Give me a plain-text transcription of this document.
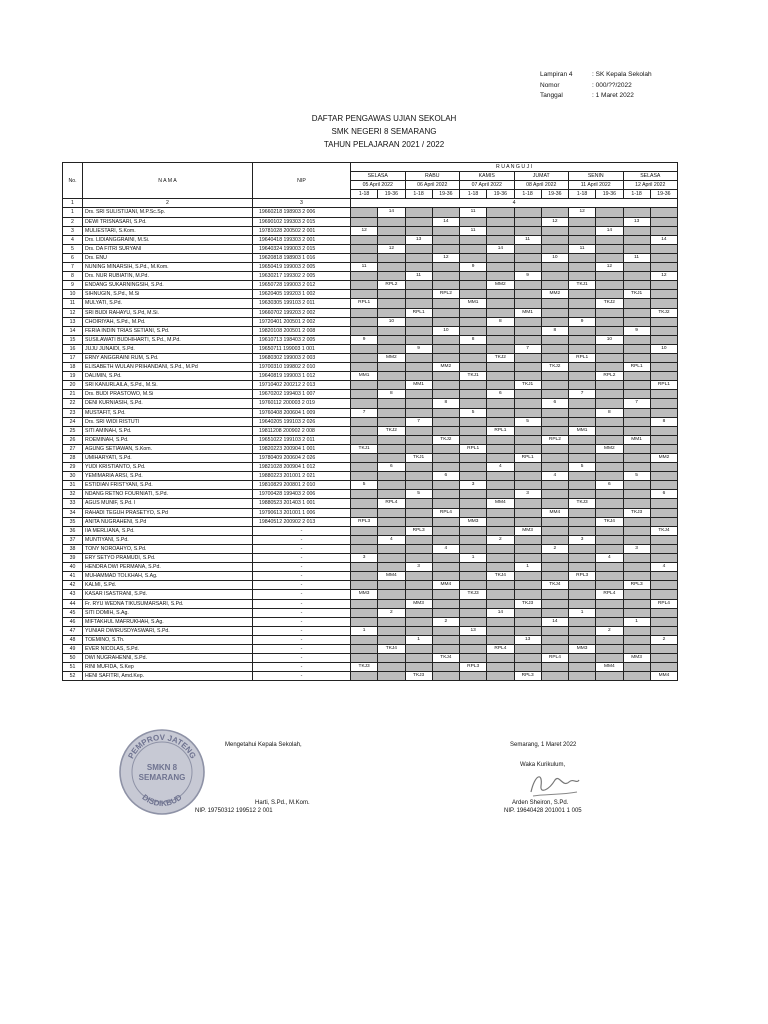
Lampiran 4	: SK Kepala Sekolah
Nomor	: 000/??/2022
Tanggal	: 1 Maret 2022
DAFTAR PENGAWAS UJIAN SEKOLAH
SMK NEGERI 8 SEMARANG
TAHUN PELAJARAN 2021 / 2022
No.	N A M A	NIP	R U A N G U J I											
			SELASA		RABU		KAMIS		JUMAT		SENIN		SELASA	
			05 April 2022		06 April 2022		07 April 2022		08 April 2022		11 April 2022		12 April 2022	
			1-18	19-36	1-18	19-36	1-18	19-36	1-18	19-36	1-18	19-36	1-18	19-36
1	2	3	4											
1	Drs. SRI SULISTIJANI, M.P.Sc.Sp.	19660218 198903 2 006		14			11				12			
2	DEWI TRISNASARI, S.Pd.	19690102 199303 2 015				14				12			13	
3	MULIESTARI, S.Kom.	19781028 200502 2 001	12				11					14		
4	Drs. LIDIANGGRAINI, M.Si.	19640418 199303 2 001			13				11					14
5	Drs. DA FITRI SURYANI	19640324 199003 2 015		12				14			11			
6	Drs. ENU	19620818 198903 1 016				12				10			11	
7	NUNING MINARSIH, S.Pd., M.Kom.	19650419 199003 2 005	11				9					12		
8	Drs. NUR RUBIATIN, M.Pd.	19630217 199302 2 005			11				9					12
9	ENDANG SUKARNINGSIH, S.Pd.	19650728 199003 2 012		RPL2				MM2			TKJ1			
10	SIHNUGIN, S.Pd., M.Si	19620405 199203 1 002				RPL2				MM2			TKJ1	
11	MULYATI, S.Pd.	19630305 199103 2 011	RPL1				MM1					TKJ2		
12	SRI BUDI RAHAYU, S.Pd, M.Si.	19660702 199203 2 002			RPL1				MM1					TKJ2
13	CHOIRIYAH, S.Pd., M.Pd.	19720401 200501 2 002		10				8			9			
14	FERIA INDIN TRIAS SETIANI, S.Pd.	19820108 200501 2 008				10				8			9	
15	SUSILAWATI BUDHIHARTI, S.Pd., M.Pd.	19610713 198403 2 005	9				8					10		
16	JUJU JUNAIDI, S.Pd.	19650711 199003 1 001			9				7					10
17	ERNY ANGGRAINI RUM, S.Pd.	19680302 199003 2 003		MM2				TKJ2			RPL1			
18	ELISABETH WULAN PRIHANDANI, S.Pd., M.Pd	19700310 199802 2 010				MM2				TKJ2			RPL1	
19	DALIMIN, S.Pd.	19640819 199003 1 012	MM1				TKJ1					RPL2		
20	SRI KANURLAILA, S.Pd., M.Si.	19710402 200212 2 013			MM1				TKJ1					RPL1
21	Drs. BUDI PRASTOWO, M.Si	19670202 199403 1 007		8				6			7			
22	DENI KURNIASIH, S.Pd.	19760112 200003 2 019				8				6			7	
23	MUSTAFIT, S.Pd.	19760408 200604 1 009	7				5					8		
24	Drs. SRI WIDI RISTUTI	19640205 199103 2 026			7				5					8
25	SITI AMINAH, S.Pd.	19811208 200902 2 008		TKJ2				RPL1			MM1			
26	ROEMINAH, S.Pd.	19651022 199103 2 011				TKJ2				RPL2			MM1	
27	AGUNG SETIAWAN, S.Kom.	19820223 200904 1 001	TKJ1				RPL1					MM2		
28	UMIHARYATI, S.Pd.	19780409 200604 2 026			TKJ1				RPL1					MM2
29	YUDI KRISTIANTO, S.Pd.	19821028 200904 1 012		6				4			5			
30	YEMIMARIA ARSI, S.Pd.	19880223 201001 2 021				6				4			5	
31	ESTIDIAN FRISTYANI, S.Pd.	19810829 200801 2 010	5				3					6		
32	NDANG RETNO FOURNIATI, S.Pd.	19700428 199403 2 006			5				3					6
33	AGUS MUNIF, S.Pd. I	19880523 201403 1 001		RPL4				MM4			TKJ3			
34	RAHADI TEGUH PRASETYO, S.Pd	19790613 201001 1 006				RPL4				MM4			TKJ3	
35	ANITA NUGRAHENI, S.Pd	19840512 200902 2 013	RPL3				MM3					TKJ4		
36	IIA MERLIANA, S.Pd.	-			RPL3				MM3					TKJ4
37	MUNTIYANI, S.Pd.	-		4				2			3			
38	TONY NOROAHYO, S.Pd.	-				4				2			3	
39	ERY SETYO PRAMUDI, S.Pd.	-	3				1					4		
40	HENDRA DWI PERMANA, S.Pd.	-			3				1					4
41	MUHAMMAD TOLKHAH, S.Ag.	-		MM4				TKJ4			RPL3			
42	KALMI, S.Pd.	-				MM4				TKJ4			RPL3	
43	KASAR ISASTRANI, S.Pd.	-	MM3				TKJ3					RPL4		
44	Fr. RYU WEDNA TIKUSUMARSARI, S.Pd.	-			MM3				TKJ3					RPL4
45	SITI DOMIH, S.Ag.	-		2				14			1			
46	MIFTAKHUL MAFRUKHAH, S.Ag.	-				2				14			1	
47	YUNIAR DWIRUSDYASWARI, S.Pd.	-	1				13					2		
48	TOEMINO, S.Th.	-			1				13					2
49	EVER NICOLAS, S.Pd.	-		TKJ4				RPL4			MM3			
50	DWI NUGRAHENNI, S.Pd.	-				TKJ4				RPL4			MM3	
51	RINI MUFIDA, S.Kep	-	TKJ3				RPL3					MM4		
52	HENI SAFITRI, Amd.Kep.	-			TKJ3				RPL3					MM4
PEMPROV JATENG
DISDIKBUD
SMKN 8
SEMARANG
Mengetahui Kepala Sekolah,
Harti, S.Pd., M.Kom.
NIP. 19750312 199512 2 001
Semarang, 1 Maret 2022
Waka Kurikulum,
Arden Sheiron, S.Pd.
NIP. 19640428 201001 1 005
